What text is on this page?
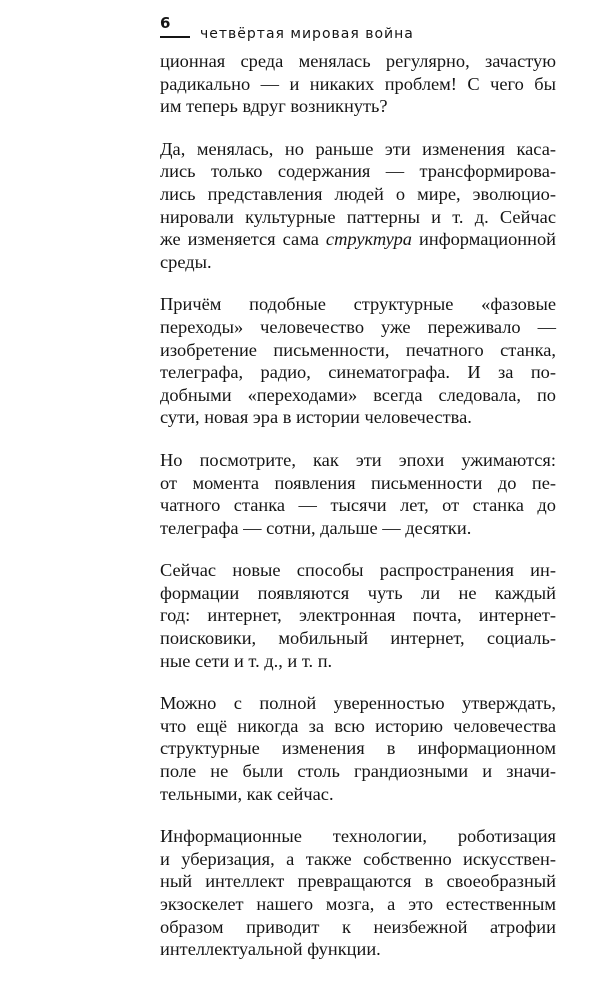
6
четвёртая мировая война

ционная среда менялась регулярно, зачастую
радикально — и никаких проблем! С чего бы
им теперь вдруг возникнуть?

Да, менялась, но раньше эти изменения каса-
лись только содержания — трансформирова-
лись представления людей о мире, эволюцио-
нировали культурные паттерны и т. д. Сейчас
же изменяется сама структура информационной
среды.

Причём подобные структурные «фазовые
переходы» человечество уже переживало —
изобретение письменности, печатного станка,
телеграфа, радио, синематографа. И за по-
добными «переходами» всегда следовала, по
сути, новая эра в истории человечества.

Но посмотрите, как эти эпохи ужимаются:
от момента появления письменности до пе-
чатного станка — тысячи лет, от станка до
телеграфа — сотни, дальше — десятки.

Сейчас новые способы распространения ин-
формации появляются чуть ли не каждый
год: интернет, электронная почта, интернет-
поисковики, мобильный интернет, социаль-
ные сети и т. д., и т. п.

Можно с полной уверенностью утверждать,
что ещё никогда за всю историю человечества
структурные изменения в информационном
поле не были столь грандиозными и значи-
тельными, как сейчас.

Информационные технологии, роботизация
и уберизация, а также собственно искусствен-
ный интеллект превращаются в своеобразный
экзоскелет нашего мозга, а это естественным
образом приводит к неизбежной атрофии
интеллектуальной функции.
